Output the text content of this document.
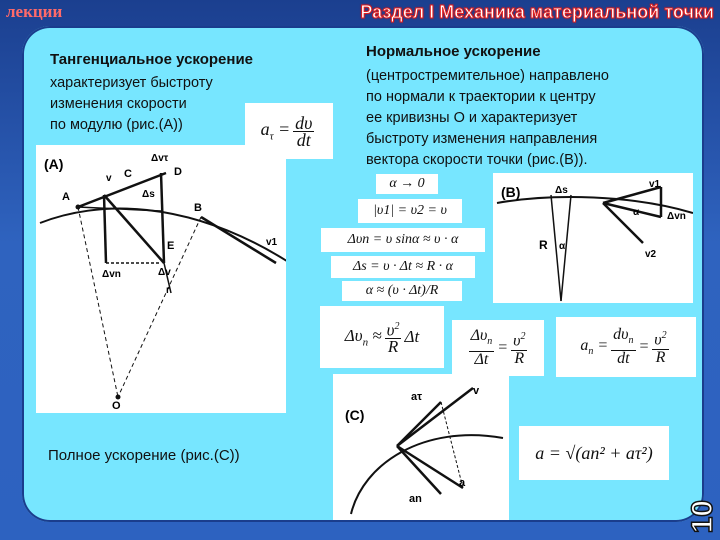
лекции	Раздел I Механика материальной точки
Тангенциальное ускорение
характеризует быстроту
изменения скорости
по модулю (рис.(А))	$a_\tau = \frac{d\upsilon}{dt}$
(A)
A
B
C	D
E
O
Δvτ
v
Δs
v1
Δvn	Δv
r
Нормальное ускорение
(центростремительное) направлено
по нормали к траектории к центру
ее кривизны О и характеризует
быстроту изменения направления
вектора скорости точки (рис.(В)).
α → 0
|υ1| = υ2 = υ
Δυn = υ sinα ≈ υ · α
Δs = υ · Δt ≈ R · α
α ≈ (υ · Δt)/R
(B)	Δs
v1
α	Δvn
R α
v2
$\Delta\upsilon_n \approx \frac{\upsilon^2}{R}$ Δt	$\frac{\Delta\upsilon_n}{\Delta t} = \frac{\upsilon^2}{R}$	$a_n = \frac{d\upsilon_n}{dt} = \frac{\upsilon^2}{R}$
(C)
aτ	v
an
a
a = √(an² + aτ²)
Полное ускорение (рис.(С))
10
